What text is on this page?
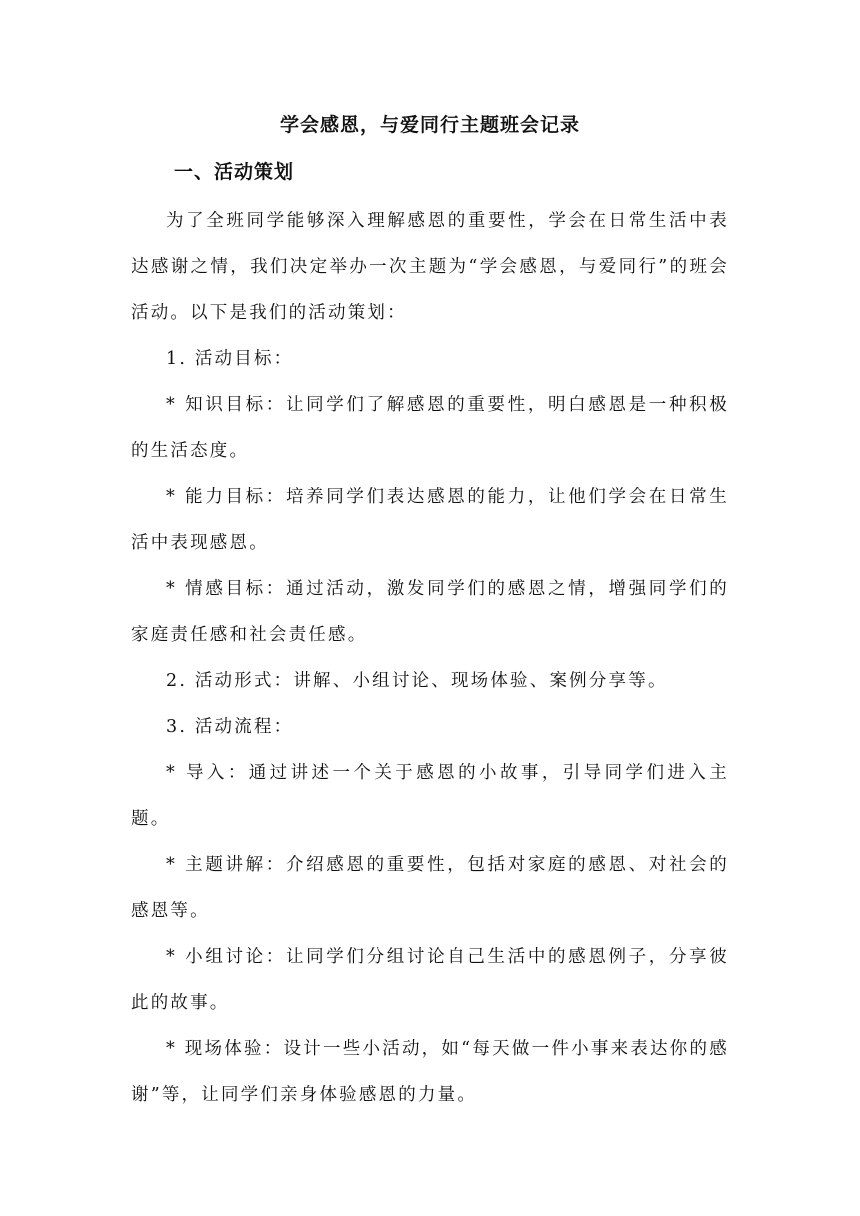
学会感恩，与爱同行主题班会记录
一、活动策划

为了全班同学能够深入理解感恩的重要性，学会在日常生活中表达感谢之情，我们决定举办一次主题为“学会感恩，与爱同行”的班会活动。以下是我们的活动策划：

1. 活动目标：

* 知识目标：让同学们了解感恩的重要性，明白感恩是一种积极的生活态度。

* 能力目标：培养同学们表达感恩的能力，让他们学会在日常生活中表现感恩。

* 情感目标：通过活动，激发同学们的感恩之情，增强同学们的家庭责任感和社会责任感。

2. 活动形式：讲解、小组讨论、现场体验、案例分享等。

3. 活动流程：

* 导入：通过讲述一个关于感恩的小故事，引导同学们进入主题。

* 主题讲解：介绍感恩的重要性，包括对家庭的感恩、对社会的感恩等。

* 小组讨论：让同学们分组讨论自己生活中的感恩例子，分享彼此的故事。

* 现场体验：设计一些小活动，如“每天做一件小事来表达你的感谢”等，让同学们亲身体验感恩的力量。
